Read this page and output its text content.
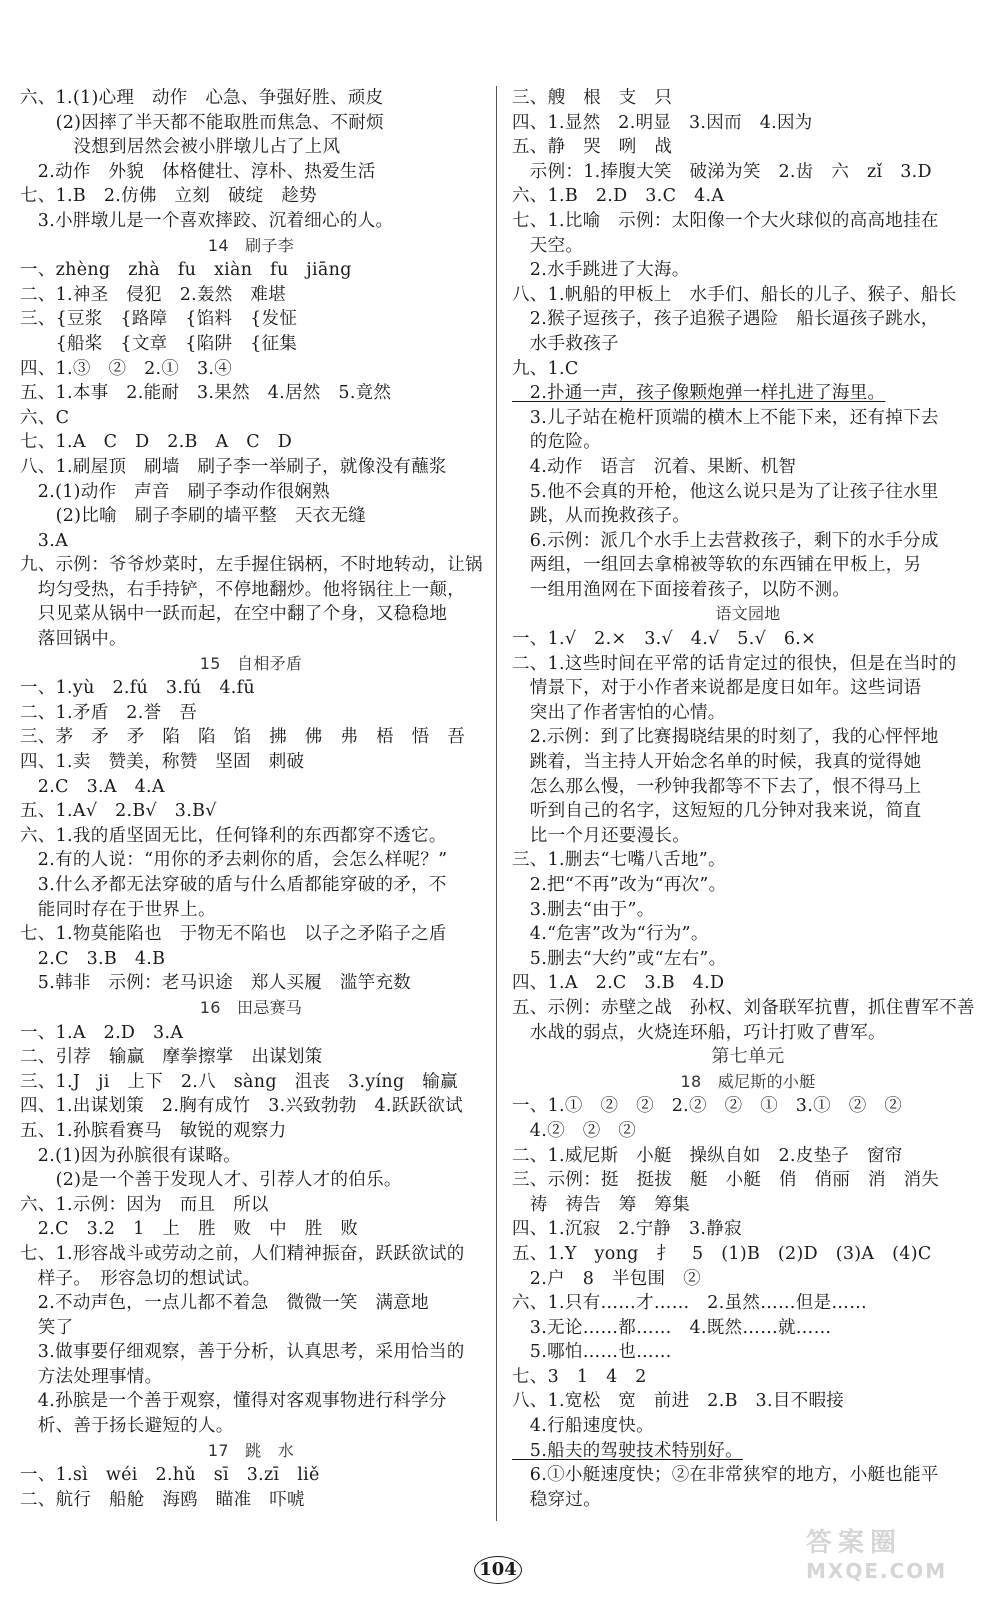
六、1.(1)心理　动作　心急、争强好胜、顽皮
　　(2)因摔了半天都不能取胜而焦急、不耐烦
　　　没想到居然会被小胖墩儿占了上风
　2.动作　外貌　体格健壮、淳朴、热爱生活
七、1.B　2.仿佛　立刻　破绽　趁势
　3.小胖墩儿是一个喜欢摔跤、沉着细心的人。
14　刷子李
一、zhèng　zhà　fu　xiàn　fu　jiāng
二、1.神圣　侵犯　2.轰然　难堪
三、{豆浆　{路障　{馅料　{发怔
　　{船桨　{文章　{陷阱　{征集
四、1.③　②　2.①　3.④
五、1.本事　2.能耐　3.果然　4.居然　5.竟然
六、C
七、1.A　C　D　2.B　A　C　D
八、1.刷屋顶　刷墙　刷子李一举刷子，就像没有蘸浆
　2.(1)动作　声音　刷子李动作很娴熟
　　(2)比喻　刷子李刷的墙平整　天衣无缝
　3.A
九、示例：爷爷炒菜时，左手握住锅柄，不时地转动，让锅
　均匀受热，右手持铲，不停地翻炒。他将锅往上一颠，
　只见菜从锅中一跃而起，在空中翻了个身，又稳稳地
　落回锅中。
15　自相矛盾
一、1.yù　2.fú　3.fú　4.fū
二、1.矛盾　2.誉　吾
三、茅　矛　矛　陷　陷　馅　拂　佛　弗　梧　悟　吾
四、1.卖　赞美，称赞　坚固　刺破
　2.C　3.A　4.A
五、1.A√　2.B√　3.B√
六、1.我的盾坚固无比，任何锋利的东西都穿不透它。
　2.有的人说：“用你的矛去刺你的盾，会怎么样呢？”
　3.什么矛都无法穿破的盾与什么盾都能穿破的矛，不
　能同时存在于世界上。
七、1.物莫能陷也　于物无不陷也　以子之矛陷子之盾
　2.C　3.B　4.B
　5.韩非　示例：老马识途　郑人买履　滥竽充数
16　田忌赛马
一、1.A　2.D　3.A
二、引荐　输赢　摩拳擦掌　出谋划策
三、1.J　ji　上下　2.八　sàng　沮丧　3.yíng　输赢
四、1.出谋划策　2.胸有成竹　3.兴致勃勃　4.跃跃欲试
五、1.孙膑看赛马　敏锐的观察力
　2.(1)因为孙膑很有谋略。
　　(2)是一个善于发现人才、引荐人才的伯乐。
六、1.示例：因为　而且　所以
　2.C　3.2　1　上　胜　败　中　胜　败
七、1.形容战斗或劳动之前，人们精神振奋，跃跃欲试的
　样子。　形容急切的想试试。
　2.不动声色，一点儿都不着急　微微一笑　满意地
　笑了
　3.做事要仔细观察，善于分析，认真思考，采用恰当的
　方法处理事情。
　4.孙膑是一个善于观察，懂得对客观事物进行科学分
　析、善于扬长避短的人。
17　跳　水
一、1.sì　wéi　2.hǔ　sī　3.zī　liě
二、航行　船舱　海鸥　瞄准　吓唬
三、艘　根　支　只
四、1.显然　2.明显　3.因而　4.因为
五、静　哭　咧　战
　示例：1.捧腹大笑　破涕为笑　2.齿　六　zǐ　3.D
六、1.B　2.D　3.C　4.A
七、1.比喻　示例：太阳像一个大火球似的高高地挂在
　天空。
　2.水手跳进了大海。
八、1.帆船的甲板上　水手们、船长的儿子、猴子、船长
　2.猴子逗孩子，孩子追猴子遇险　船长逼孩子跳水，
　水手救孩子
九、1.C
　2.扑通一声，孩子像颗炮弹一样扎进了海里。
　3.儿子站在桅杆顶端的横木上不能下来，还有掉下去
　的危险。
　4.动作　语言　沉着、果断、机智
　5.他不会真的开枪，他这么说只是为了让孩子往水里
　跳，从而挽救孩子。
　6.示例：派几个水手上去营救孩子，剩下的水手分成
　两组，一组回去拿棉被等软的东西铺在甲板上，另
　一组用渔网在下面接着孩子，以防不测。
语文园地
一、1.√　2.×　3.√　4.√　5.√　6.×
二、1.这些时间在平常的话肯定过的很快，但是在当时的
　情景下，对于小作者来说都是度日如年。这些词语
　突出了作者害怕的心情。
　2.示例：到了比赛揭晓结果的时刻了，我的心怦怦地
　跳着，当主持人开始念名单的时候，我真的觉得她
　怎么那么慢，一秒钟我都等不下去了，恨不得马上
　听到自己的名字，这短短的几分钟对我来说，简直
　比一个月还要漫长。
三、1.删去“七嘴八舌地”。
　2.把“不再”改为“再次”。
　3.删去“由于”。
　4.“危害”改为“行为”。
　5.删去“大约”或“左右”。
四、1.A　2.C　3.B　4.D
五、示例：赤壁之战　孙权、刘备联军抗曹，抓住曹军不善
　水战的弱点，火烧连环船，巧计打败了曹军。
第七单元
18　威尼斯的小艇
一、1.①　②　②　2.②　②　①　3.①　②　②
　4.②　②　②
二、1.威尼斯　小艇　操纵自如　2.皮垫子　窗帘
三、示例：挺　挺拔　艇　小艇　俏　俏丽　消　消失
　祷　祷告　筹　筹集
四、1.沉寂　2.宁静　3.静寂
五、1.Y　yong　扌　5　(1)B　(2)D　(3)A　(4)C
　2.户　8　半包围　②
六、1.只有……才……　2.虽然……但是……
　3.无论……都……　4.既然……就……
　5.哪怕……也……
七、3　1　4　2
八、1.宽松　宽　前进　2.B　3.目不暇接
　4.行船速度快。
　5.船夫的驾驶技术特别好。
　6.①小艇速度快；②在非常狭窄的地方，小艇也能平
　稳穿过。
104
答案圈
MXQE.COM
